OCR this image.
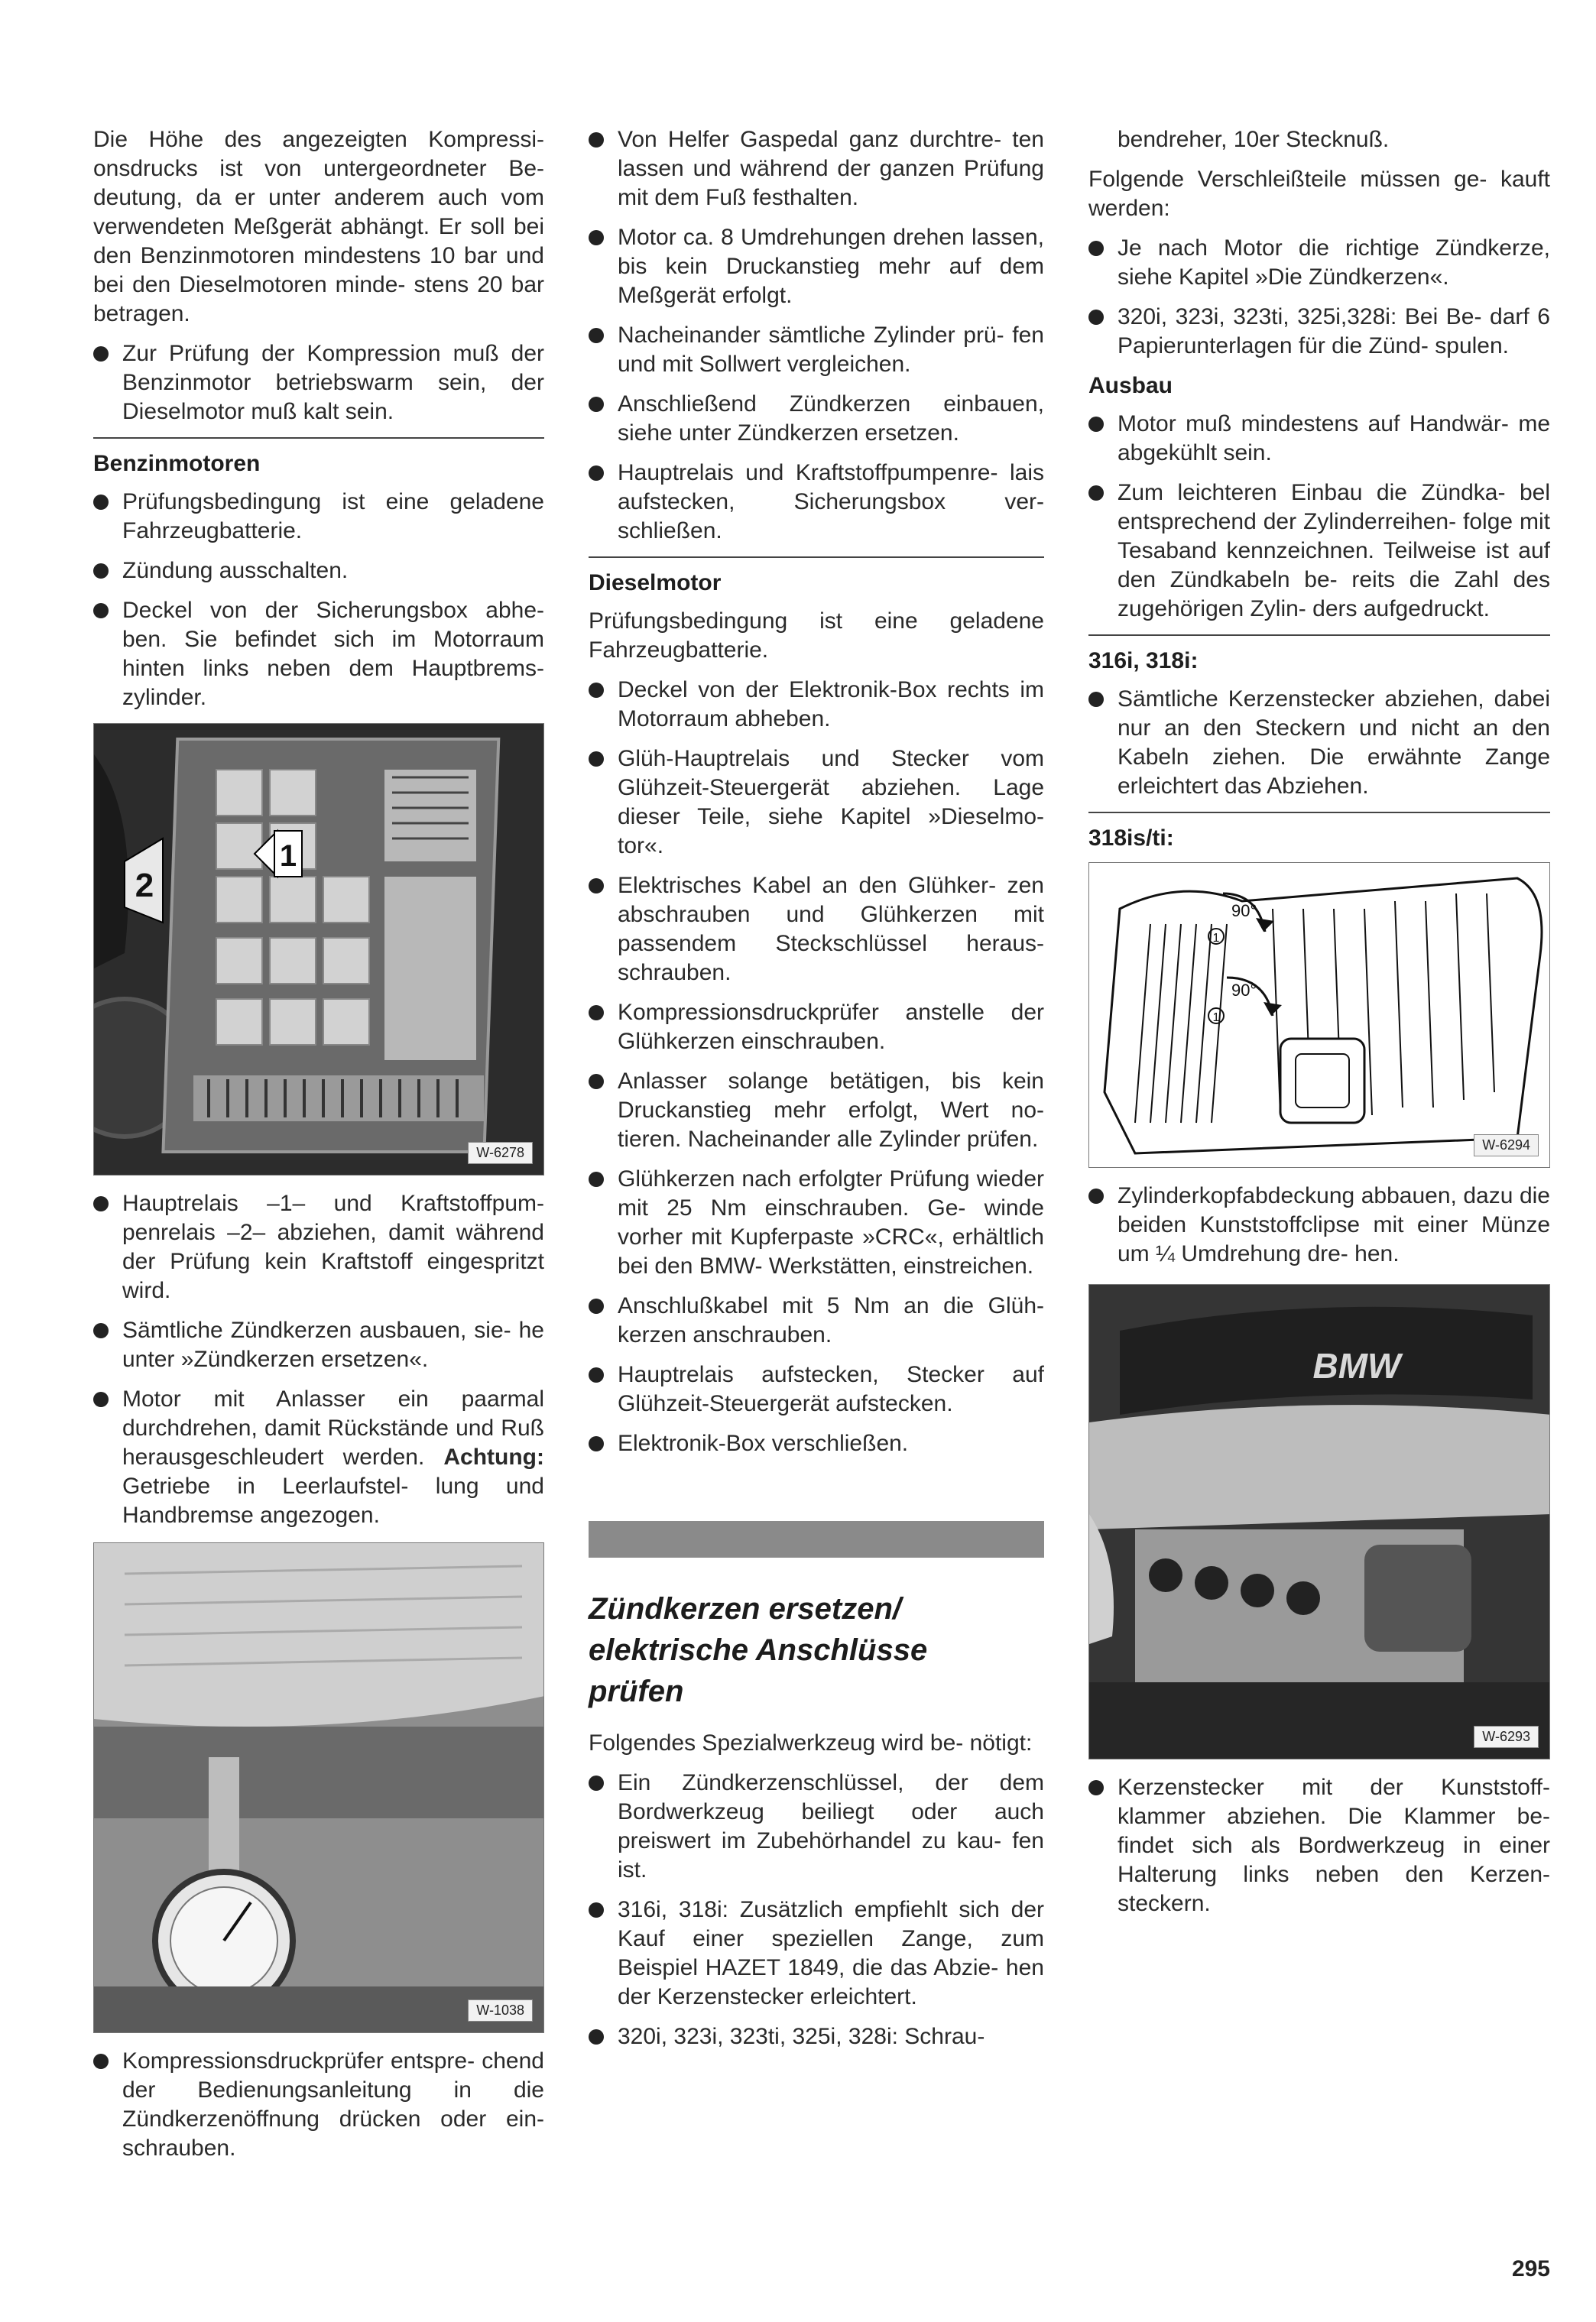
Die Höhe des angezeigten Kompressi- onsdrucks ist von untergeordneter Be- deutung, da er unter anderem auch vom verwendeten Meßgerät abhängt. Er soll bei den Benzinmotoren mindestens 10 bar und bei den Dieselmotoren minde- stens 20 bar betragen.

Zur Prüfung der Kompression muß der Benzinmotor betriebswarm sein, der Dieselmotor muß kalt sein.
Benzinmotoren
Prüfungsbedingung ist eine geladene Fahrzeugbatterie.
Zündung ausschalten.
Deckel von der Sicherungsbox abhe- ben. Sie befindet sich im Motorraum hinten links neben dem Hauptbrems- zylinder.
1
2
W-6278
Hauptrelais –1– und Kraftstoffpum- penrelais –2– abziehen, damit während der Prüfung kein Kraftstoff eingespritzt wird.
Sämtliche Zündkerzen ausbauen, sie- he unter »Zündkerzen ersetzen«.
Motor mit Anlasser ein paarmal durchdrehen, damit Rückstände und Ruß herausgeschleudert werden. Achtung: Getriebe in Leerlaufstel- lung und Handbremse angezogen.
W-1038
Kompressionsdruckprüfer entspre- chend der Bedienungsanleitung in die Zündkerzenöffnung drücken oder ein- schrauben.
Von Helfer Gaspedal ganz durchtre- ten lassen und während der ganzen Prüfung mit dem Fuß festhalten.
Motor ca. 8 Umdrehungen drehen lassen, bis kein Druckanstieg mehr auf dem Meßgerät erfolgt.
Nacheinander sämtliche Zylinder prü- fen und mit Sollwert vergleichen.
Anschließend Zündkerzen einbauen, siehe unter Zündkerzen ersetzen.
Hauptrelais und Kraftstoffpumpenre- lais aufstecken, Sicherungsbox ver- schließen.
Dieselmotor

Prüfungsbedingung ist eine geladene Fahrzeugbatterie.

Deckel von der Elektronik-Box rechts im Motorraum abheben.
Glüh-Hauptrelais und Stecker vom Glühzeit-Steuergerät abziehen. Lage dieser Teile, siehe Kapitel »Dieselmo- tor«.
Elektrisches Kabel an den Glühker- zen abschrauben und Glühkerzen mit passendem Steckschlüssel heraus- schrauben.
Kompressionsdruckprüfer anstelle der Glühkerzen einschrauben.
Anlasser solange betätigen, bis kein Druckanstieg mehr erfolgt, Wert no- tieren. Nacheinander alle Zylinder prüfen.
Glühkerzen nach erfolgter Prüfung wieder mit 25 Nm einschrauben. Ge- winde vorher mit Kupferpaste »CRC«, erhältlich bei den BMW- Werkstätten, einstreichen.
Anschlußkabel mit 5 Nm an die Glüh- kerzen anschrauben.
Hauptrelais aufstecken, Stecker auf Glühzeit-Steuergerät aufstecken.
Elektronik-Box verschließen.
Zündkerzen ersetzen/
elektrische Anschlüsse
prüfen

Folgendes Spezialwerkzeug wird be- nötigt:

Ein Zündkerzenschlüssel, der dem Bordwerkzeug beiliegt oder auch preiswert im Zubehörhandel zu kau- fen ist.
316i, 318i: Zusätzlich empfiehlt sich der Kauf einer speziellen Zange, zum Beispiel HAZET 1849, die das Abzie- hen der Kerzenstecker erleichtert.
320i, 323i, 323ti, 325i, 328i: Schrau-
bendreher, 10er Stecknuß.

Folgende Verschleißteile müssen ge- kauft werden:

Je nach Motor die richtige Zündkerze, siehe Kapitel »Die Zündkerzen«.
320i, 323i, 323ti, 325i,328i: Bei Be- darf 6 Papierunterlagen für die Zünd- spulen.
Ausbau
Motor muß mindestens auf Handwär- me abgekühlt sein.
Zum leichteren Einbau die Zündka- bel entsprechend der Zylinderreihen- folge mit Tesaband kennzeichnen. Teilweise ist auf den Zündkabeln be- reits die Zahl des zugehörigen Zylin- ders aufgedruckt.
316i, 318i:
Sämtliche Kerzenstecker abziehen, dabei nur an den Steckern und nicht an den Kabeln ziehen. Die erwähnte Zange erleichtert das Abziehen.
318is/ti:
90°
90°
1
1
W-6294
Zylinderkopfabdeckung abbauen, dazu die beiden Kunststoffclipse mit einer Münze um ¼ Umdrehung dre- hen.
BMW
W-6293
Kerzenstecker mit der Kunststoff- klammer abziehen. Die Klammer be- findet sich als Bordwerkzeug in einer Halterung links neben den Kerzen- steckern.
295
